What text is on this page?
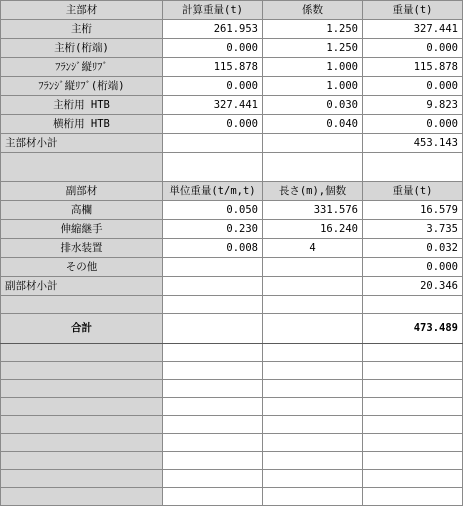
主部材	計算重量(t)	係数	重量(t)
主桁	261.953	1.250	327.441
主桁(桁端)	0.000	1.250	0.000
ﾌﾗﾝｼﾞ縦ﾘﾌﾞ	115.878	1.000	115.878
ﾌﾗﾝｼﾞ縦ﾘﾌﾞ(桁端)	0.000	1.000	0.000
主桁用 HTB	327.441	0.030	9.823
横桁用 HTB	0.000	0.040	0.000
主部材小計			453.143

副部材	単位重量(t/m,t)	長さ(m),個数	重量(t)
高欄	0.050	331.576	16.579
伸縮継手	0.230	16.240	3.735
排水装置	0.008	4	0.032
その他			0.000
副部材小計			20.346

合計			473.489
